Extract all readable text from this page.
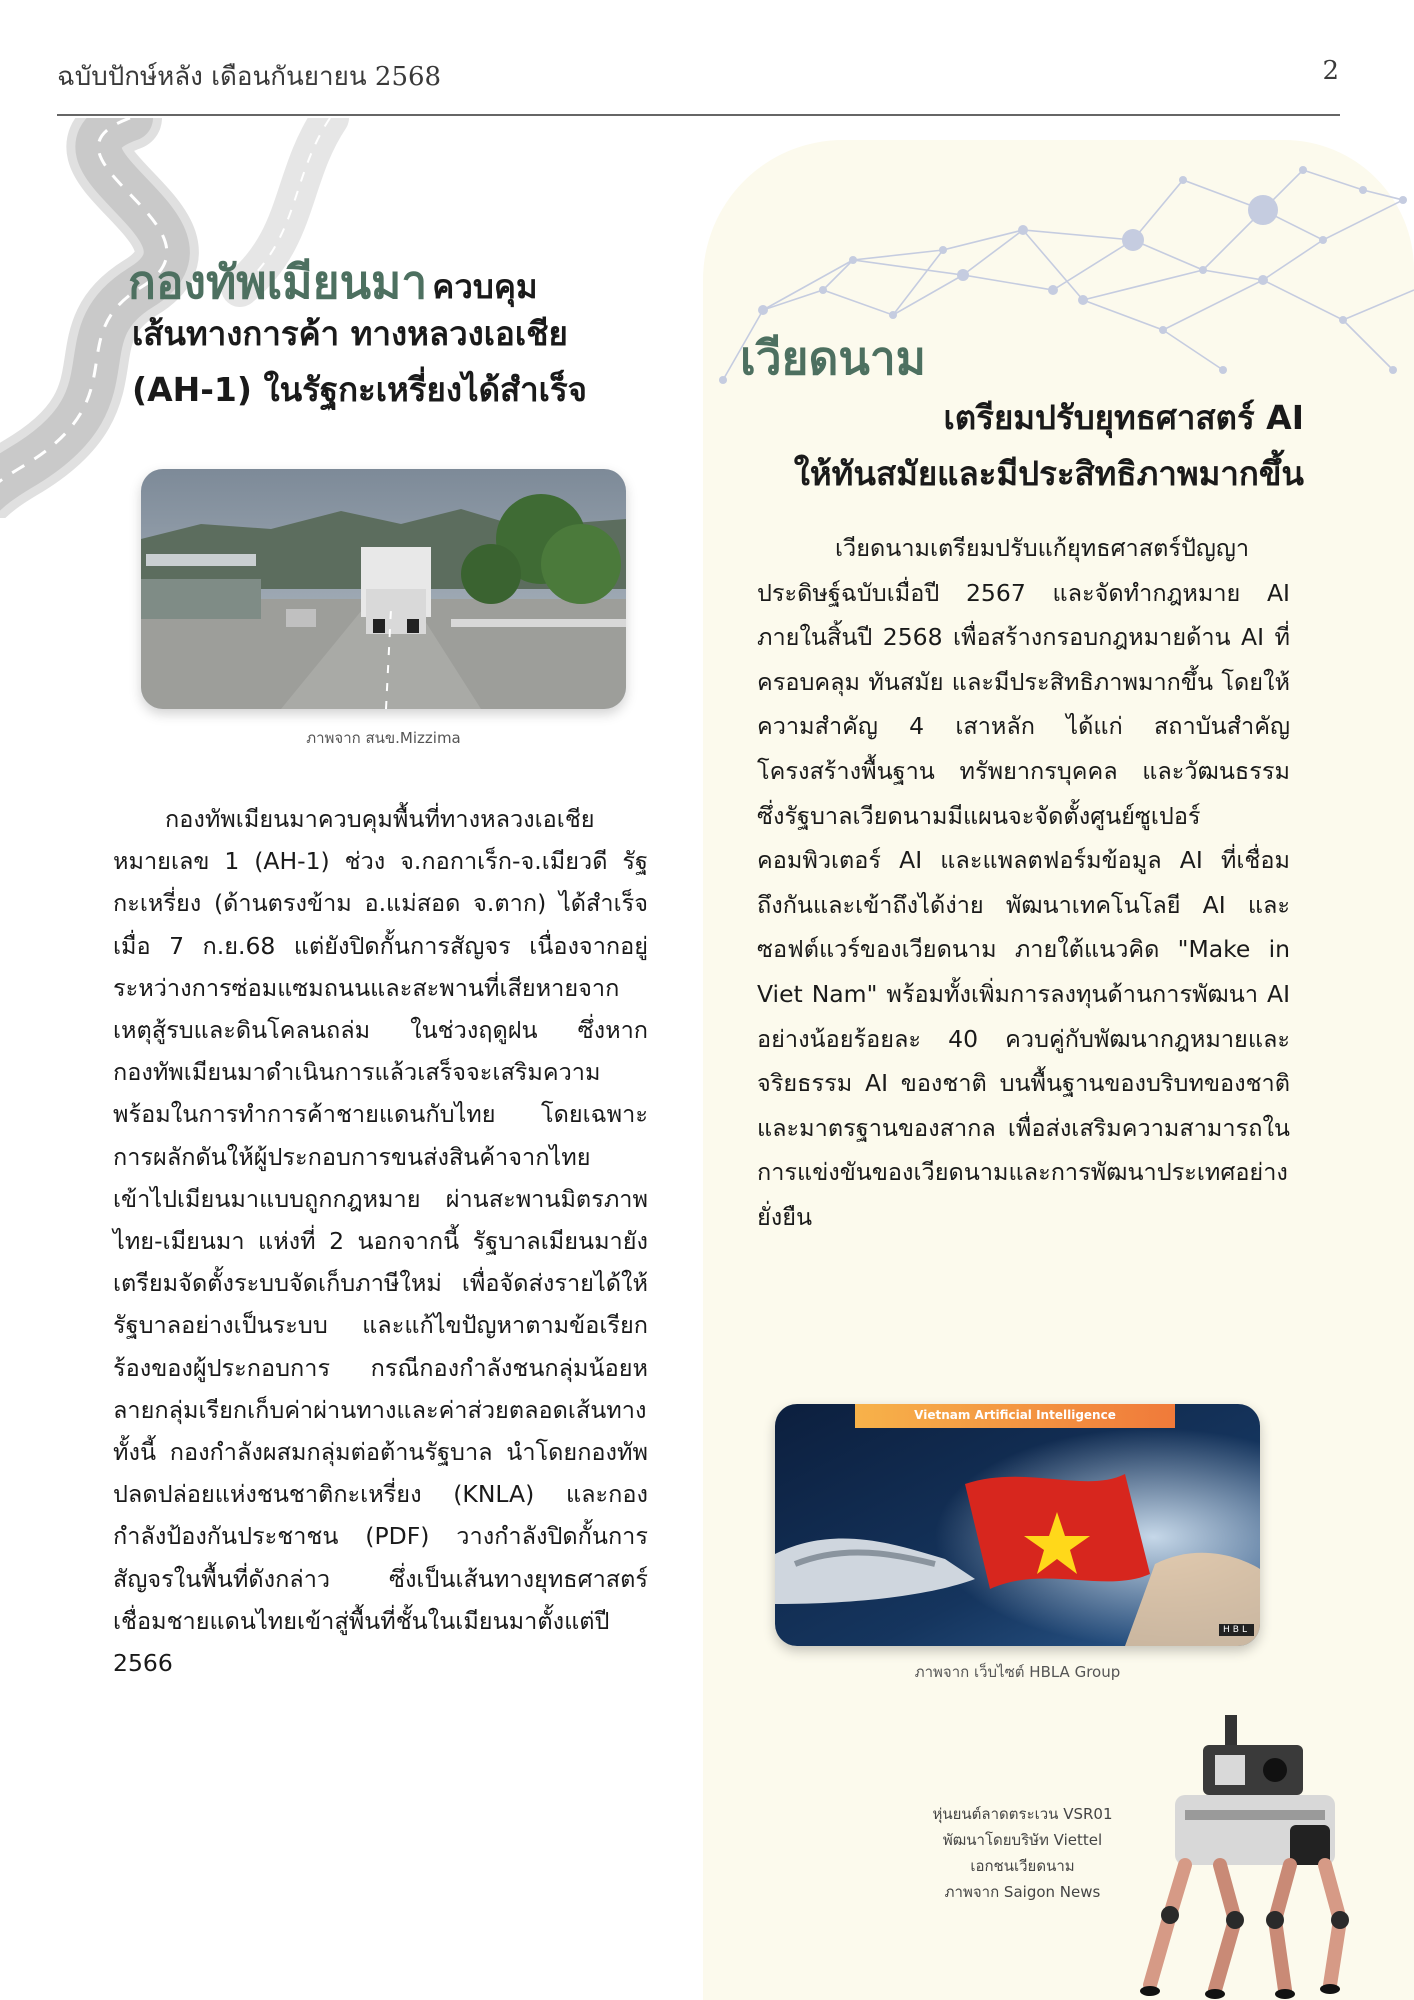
ฉบับปักษ์หลัง เดือนกันยายน 2568	2
กองทัพเมียนมา ควบคุม
เส้นทางการค้า ทางหลวงเอเชีย
(AH-1) ในรัฐกะเหรี่ยงได้สำเร็จ
ภาพจาก สนข.Mizzima

กองทัพเมียนมาควบคุมพื้นที่ทางหลวงเอเชียหมายเลข 1 (AH-1) ช่วง จ.กอกาเร็ก-จ.เมียวดี รัฐกะเหรี่ยง (ด้านตรงข้าม อ.แม่สอด จ.ตาก) ได้สำเร็จเมื่อ 7 ก.ย.68 แต่ยังปิดกั้นการสัญจร เนื่องจากอยู่ระหว่างการซ่อมแซมถนนและสะพานที่เสียหายจากเหตุสู้รบและดินโคลนถล่ม ในช่วงฤดูฝน ซึ่งหากกองทัพเมียนมาดำเนินการแล้วเสร็จจะเสริมความพร้อมในการทำการค้าชายแดนกับไทย โดยเฉพาะการผลักดันให้ผู้ประกอบการขนส่งสินค้าจากไทยเข้าไปเมียนมาแบบถูกกฎหมาย ผ่านสะพานมิตรภาพไทย-เมียนมา แห่งที่ 2 นอกจากนี้ รัฐบาลเมียนมายังเตรียมจัดตั้งระบบจัดเก็บภาษีใหม่ เพื่อจัดส่งรายได้ให้รัฐบาลอย่างเป็นระบบ และแก้ไขปัญหาตามข้อเรียกร้องของผู้ประกอบการ กรณีกองกำลังชนกลุ่มน้อยหลายกลุ่มเรียกเก็บค่าผ่านทางและค่าส่วยตลอดเส้นทาง ทั้งนี้ กองกำลังผสมกลุ่มต่อต้านรัฐบาล นำโดยกองทัพปลดปล่อยแห่งชนชาติกะเหรี่ยง (KNLA) และกองกำลังป้องกันประชาชน (PDF) วางกำลังปิดกั้นการสัญจรในพื้นที่ดังกล่าว ซึ่งเป็นเส้นทางยุทธศาสตร์เชื่อมชายแดนไทยเข้าสู่พื้นที่ชั้นในเมียนมาตั้งแต่ปี 2566

เวียดนาม
เตรียมปรับยุทธศาสตร์ AI
ให้ทันสมัยและมีประสิทธิภาพมากขึ้น

เวียดนามเตรียมปรับแก้ยุทธศาสตร์ปัญญาประดิษฐ์ฉบับเมื่อปี 2567 และจัดทำกฎหมาย AI ภายในสิ้นปี 2568 เพื่อสร้างกรอบกฎหมายด้าน AI ที่ครอบคลุม ทันสมัย และมีประสิทธิภาพมากขึ้น โดยให้ความสำคัญ 4 เสาหลัก ได้แก่ สถาบันสำคัญ โครงสร้างพื้นฐาน ทรัพยากรบุคคล และวัฒนธรรม ซึ่งรัฐบาลเวียดนามมีแผนจะจัดตั้งศูนย์ซูเปอร์คอมพิวเตอร์ AI และแพลตฟอร์มข้อมูล AI ที่เชื่อมถึงกันและเข้าถึงได้ง่าย พัฒนาเทคโนโลยี AI และซอฟต์แวร์ของเวียดนาม ภายใต้แนวคิด "Make in Viet Nam" พร้อมทั้งเพิ่มการลงทุนด้านการพัฒนา AI อย่างน้อยร้อยละ 40 ควบคู่กับพัฒนากฎหมายและจริยธรรม AI ของชาติ บนพื้นฐานของบริบทของชาติ และมาตรฐานของสากล เพื่อส่งเสริมความสามารถในการแข่งขันของเวียดนามและการพัฒนาประเทศอย่างยั่งยืน

Vietnam Artificial Intelligence
HBL
ภาพจาก เว็บไซต์ HBLA Group
หุ่นยนต์ลาดตระเวน VSR01
พัฒนาโดยบริษัท Viettel
เอกชนเวียดนาม
ภาพจาก Saigon News
